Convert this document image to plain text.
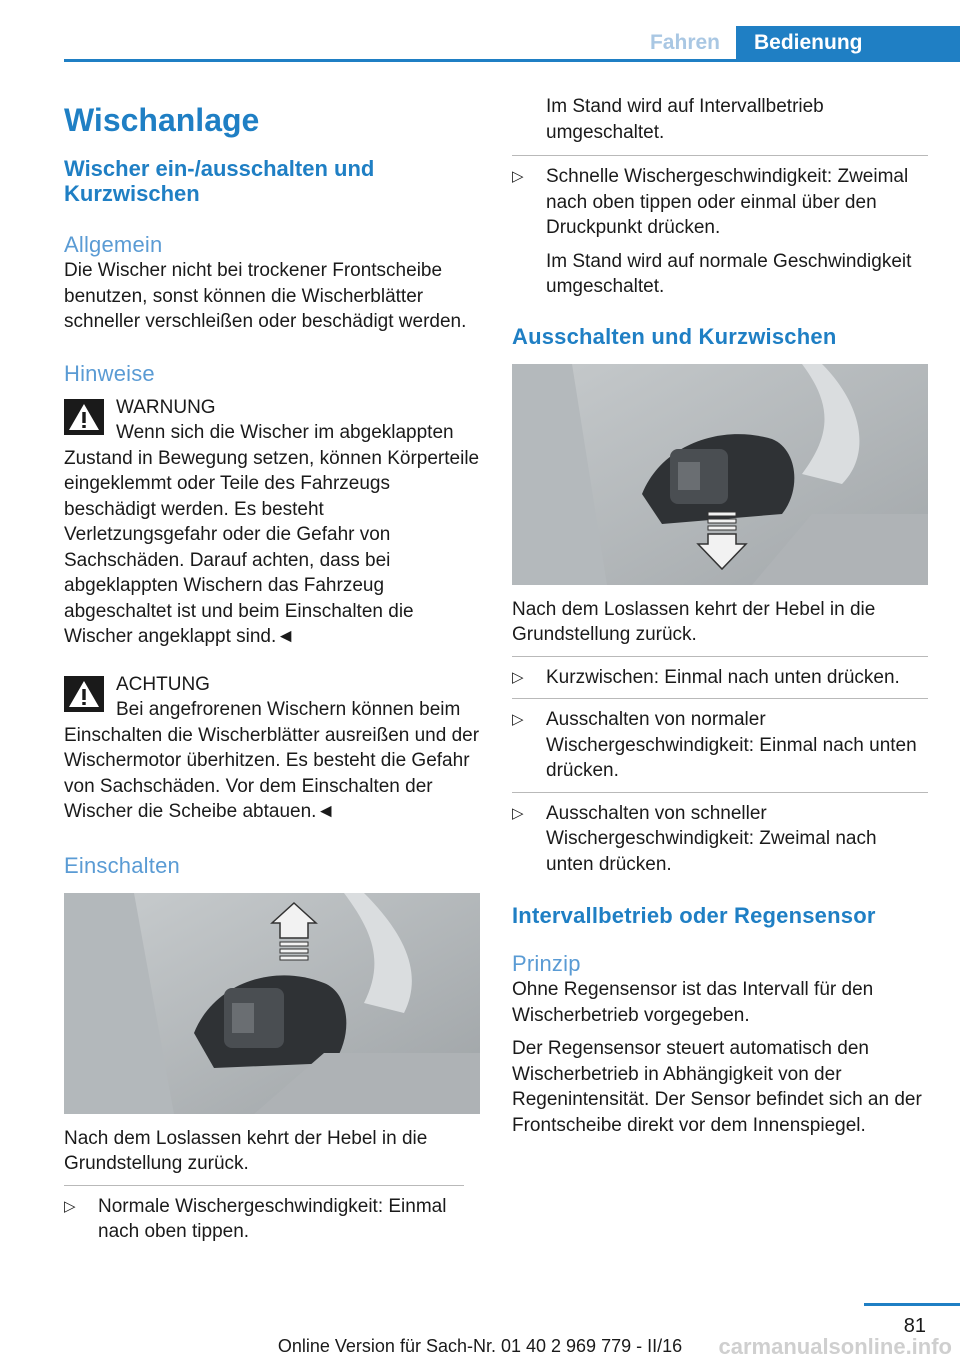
Fahren	Bedienung
Wischanlage
Wischer ein-/ausschalten und Kurzwischen
Allgemein

Die Wischer nicht bei trockener Frontscheibe benutzen, sonst können die Wischerblätter schneller verschleißen oder beschädigt werden.

Hinweise
WARNUNG

Wenn sich die Wischer im abgeklappten Zustand in Bewegung setzen, können Körperteile eingeklemmt oder Teile des Fahrzeugs beschädigt werden. Es besteht Verletzungsgefahr oder die Gefahr von Sachschäden. Darauf achten, dass bei abgeklappten Wischern das Fahrzeug abgeschaltet ist und beim Einschalten die Wischer angeklappt sind.◄

ACHTUNG

Bei angefrorenen Wischern können beim Einschalten die Wischerblätter ausreißen und der Wischermotor überhitzen. Es besteht die Gefahr von Sachschäden. Vor dem Einschalten der Wischer die Scheibe abtauen.◄

Einschalten

Nach dem Loslassen kehrt der Hebel in die Grundstellung zurück.

▷ Normale Wischergeschwindigkeit: Einmal nach oben tippen.

Im Stand wird auf Intervallbetrieb umgeschaltet.

▷ Schnelle Wischergeschwindigkeit: Zweimal nach oben tippen oder einmal über den Druckpunkt drücken.

Im Stand wird auf normale Geschwindigkeit umgeschaltet.

Ausschalten und Kurzwischen

Nach dem Loslassen kehrt der Hebel in die Grundstellung zurück.

▷ Kurzwischen: Einmal nach unten drücken.
▷ Ausschalten von normaler Wischergeschwindigkeit: Einmal nach unten drücken.
▷ Ausschalten von schneller Wischergeschwindigkeit: Zweimal nach unten drücken.
Intervallbetrieb oder Regensensor
Prinzip

Ohne Regensensor ist das Intervall für den Wischerbetrieb vorgegeben.

Der Regensensor steuert automatisch den Wischerbetrieb in Abhängigkeit von der Regenintensität. Der Sensor befindet sich an der Frontscheibe direkt vor dem Innenspiegel.

81
Online Version für Sach-Nr. 01 40 2 969 779 - II/16	carmanualsonline.info
